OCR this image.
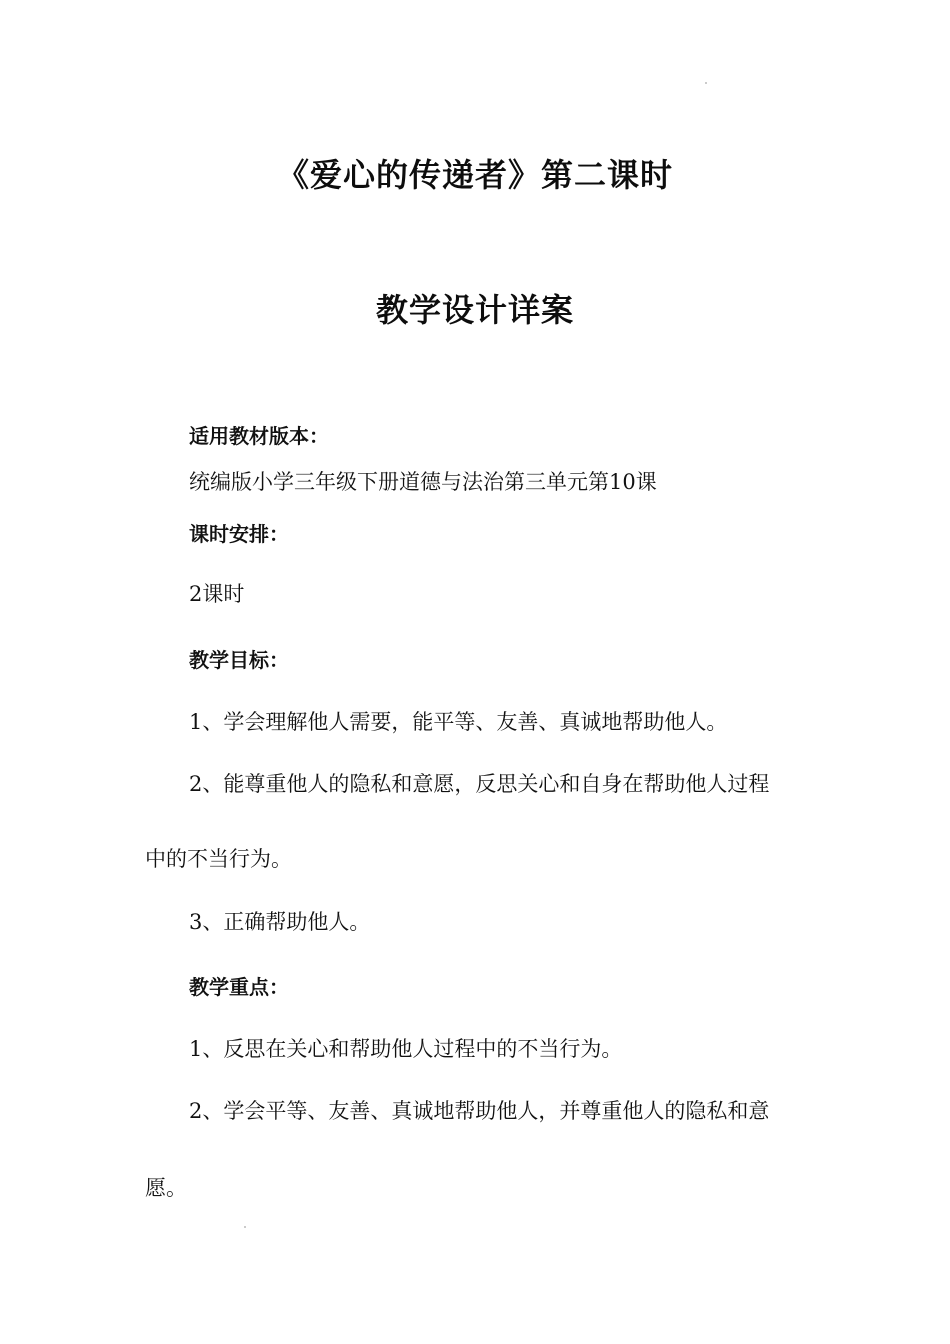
《爱心的传递者》第二课时
教学设计详案
适用教材版本：
统编版小学三年级下册道德与法治第三单元第10课
课时安排：
2课时
教学目标：
1、学会理解他人需要，能平等、友善、真诚地帮助他人。
2、能尊重他人的隐私和意愿，反思关心和自身在帮助他人过程
中的不当行为。
3、正确帮助他人。
教学重点：
1、反思在关心和帮助他人过程中的不当行为。
2、学会平等、友善、真诚地帮助他人，并尊重他人的隐私和意
愿。
